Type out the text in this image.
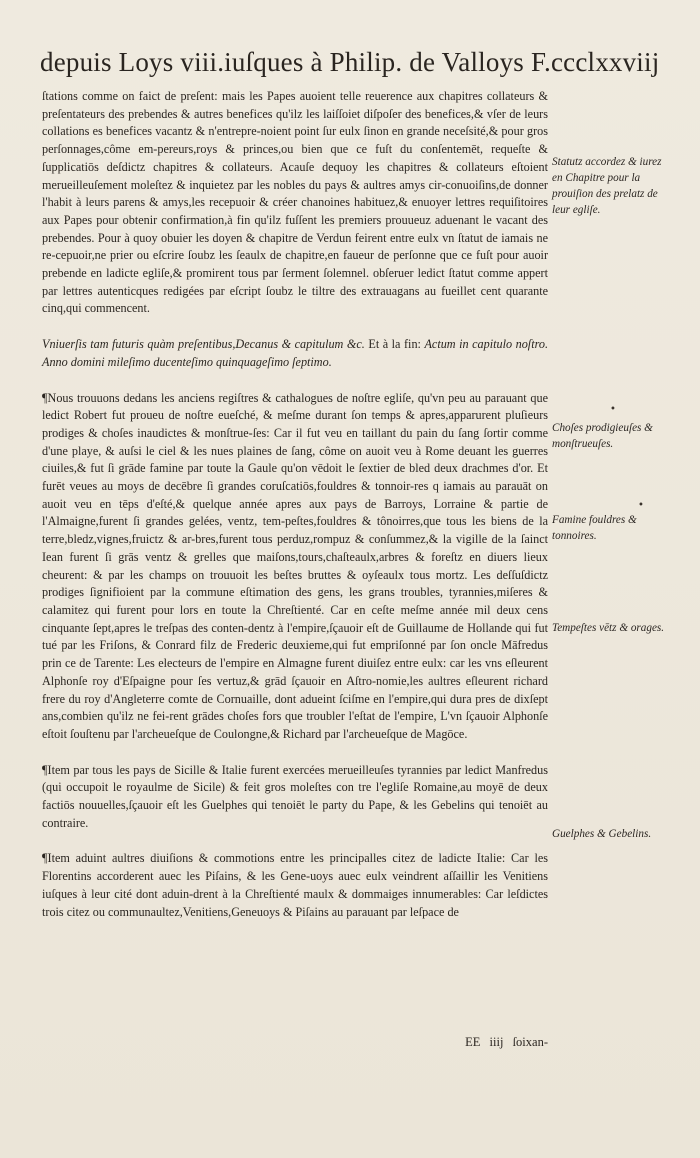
depuis Loys viii.iuſques à Philip. de Valloys F.ccclxxviij

ſtations comme on faict de preſent: mais les Papes auoient telle reuerence aux chapitres collateurs & preſentateurs des prebendes & autres benefices qu'ilz les laiſſoiet diſpoſer des benefices,& vſer de leurs collations es benefices vacantz & n'entrepre-noient point ſur eulx ſinon en grande neceſsité,& pour gros perſonnages,côme em-pereurs,roys & princes,ou bien que ce fuſt du conſentemēt, requeſte & ſupplicatiōs deſdictz chapitres & collateurs. Acauſe dequoy les chapitres & collateurs eſtoient merueilleuſement moleſtez & inquietez par les nobles du pays & aultres amys cir-conuoiſins,de donner l'habit à leurs parens & amys,les recepuoir & créer chanoines habituez,& enuoyer lettres requiſitoires aux Papes pour obtenir confirmation,à fin qu'ilz fuſſent les premiers prouueuz aduenant le vacant des prebendes. Pour à quoy obuier les doyen & chapitre de Verdun feirent entre eulx vn ſtatut de iamais ne re-cepuoir,ne prier ou eſcrire ſoubz les ſeaulx de chapitre,en faueur de perſonne que ce fuſt pour auoir prebende en ladicte egliſe,& promirent tous par ſerment ſolemnel. obſeruer ledict ſtatut comme appert par lettres autenticques redigées par eſcript ſoubz le tiltre des extrauagans au fueillet cent quarante cinq,qui commencent.

Vniuerſis tam futuris quàm preſentibus,Decanus & capitulum &c. Et à la fin: Actum in capitulo noſtro. Anno domini mileſimo ducenteſimo quinquageſimo ſeptimo.

¶Nous trouuons dedans les anciens regiſtres & cathalogues de noſtre egliſe, qu'vn peu au parauant que ledict Robert fut proueu de noſtre eueſché, & meſme durant ſon temps & apres,apparurent pluſieurs prodiges & choſes inaudictes & monſtrue-ſes: Car il fut veu en taillant du pain du ſang ſortir comme d'une playe, & auſsi le ciel & les nues plaines de ſang, côme on auoit veu à Rome deuant les guerres ciuiles,& fut ſi grāde famine par toute la Gaule qu'on vēdoit le ſextier de bled deux drachmes d'or. Et furēt veues au moys de decēbre ſi grandes coruſcatiōs,fouldres & tonnoir-res q iamais au parauāt on auoit veu en tēps d'eſté,& quelque année apres aux pays de Barroys, Lorraine & partie de l'Almaigne,furent ſi grandes gelées, ventz, tem-peſtes,fouldres & tônoirres,que tous les biens de la terre,bledz,vignes,fruictz & ar-bres,furent tous perduz,rompuz & conſummez,& la vigille de la ſainct Iean furent ſi grās ventz & grelles que maiſons,tours,chaſteaulx,arbres & foreſtz en diuers lieux cheurent: & par les champs on trouuoit les beſtes bruttes & oyſeaulx tous mortz. Les deſſuſdictz prodiges ſignifioient par la commune eſtimation des gens, les grans troubles, tyrannies,miſeres & calamitez qui furent pour lors en toute la Chreſtienté. Car en ceſte meſme année mil deux cens cinquante ſept,apres le treſpas des conten-dentz à l'empire,ſçauoir eſt de Guillaume de Hollande qui fut tué par les Friſons, & Conrard filz de Frederic deuxieme,qui fut empriſonné par ſon oncle Māfredus prin ce de Tarente: Les electeurs de l'empire en Almagne furent diuiſez entre eulx: car les vns eſleurent Alphonſe roy d'Eſpaigne pour ſes vertuz,& grād ſçauoir en Aſtro-nomie,les aultres eſleurent richard frere du roy d'Angleterre comte de Cornuaille, dont adueint ſciſme en l'empire,qui dura pres de dixſept ans,combien qu'ilz ne fei-rent grādes choſes fors que troubler l'eſtat de l'empire, L'vn ſçauoir Alphonſe eſtoit ſouſtenu par l'archeueſque de Coulongne,& Richard par l'archeueſque de Magōce.

¶Item par tous les pays de Sicille & Italie furent exercées merueilleuſes tyrannies par ledict Manfredus (qui occupoit le royaulme de Sicile) & feit gros moleſtes con tre l'egliſe Romaine,au moyē de deux factiōs nouuelles,ſçauoir eſt les Guelphes qui tenoiēt le party du Pape, & les Gebelins qui tenoiēt au contraire.

¶Item aduint aultres diuiſions & commotions entre les principalles citez de ladicte Italie: Car les Florentins accorderent auec les Piſains, & les Gene-uoys auec eulx veindrent aſſaillir les Venitiens iuſques à leur cité dont aduin-drent à la Chreſtienté maulx & dommaiges innumerables: Car leſdictes trois citez ou communaultez,Venitiens,Geneuoys & Piſains au parauant par leſpace de

EE iiij ſoixan-
Statutz accordez & iurez en Chapitre pour la prouiſion des prelatz de leur egliſe.
Choſes prodigieuſes & monſtrueuſes.
Famine fouldres & tonnoires.
Tempeſtes vētz & orages.
Guelphes & Gebelins.
•
•
